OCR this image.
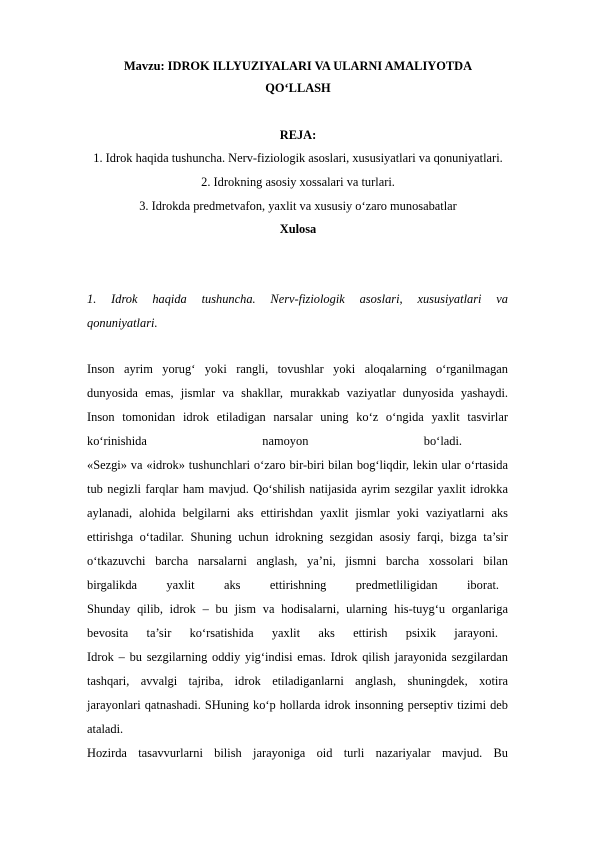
Mavzu: IDROK ILLYUZIYALARI VA ULARNI AMALIYOTDA
QO‘LLASH
REJA:
1. Idrok haqida tushuncha. Nerv-fiziologik asoslari, xususiyatlari va qonuniyatlari.
2. Idrokning asosiy xossalari va turlari.
3. Idrokda predmetvafon, yaxlit va xususiy o‘zaro munosabatlar
Xulosa
1. Idrok haqida tushuncha. Nerv-fiziologik asoslari, xususiyatlari va
qonuniyatlari.
Inson ayrim yorug‘ yoki rangli, tovushlar yoki aloqalarning o‘rganilmagan
dunyosida emas, jismlar va shakllar, murakkab vaziyatlar dunyosida yashaydi.
Inson tomonidan idrok etiladigan narsalar uning ko‘z o‘ngida yaxlit tasvirlar
ko‘rinishida namoyon bo‘ladi.
«Sezgi» va «idrok» tushunchlari o‘zaro bir-biri bilan bog‘liqdir, lekin ular o‘rtasida
tub negizli farqlar ham mavjud. Qo‘shilish natijasida ayrim sezgilar yaxlit idrokka
aylanadi, alohida belgilarni aks ettirishdan yaxlit jismlar yoki vaziyatlarni aks
ettirishga o‘tadilar. Shuning uchun idrokning sezgidan asosiy farqi, bizga ta’sir
o‘tkazuvchi barcha narsalarni anglash, ya’ni, jismni barcha xossolari bilan
birgalikda yaxlit aks ettirishning predmetliligidan iborat.
Shunday qilib, idrok – bu jism va hodisalarni, ularning his-tuyg‘u organlariga
bevosita ta’sir ko‘rsatishida yaxlit aks ettirish psixik jarayoni.
Idrok – bu sezgilarning oddiy yig‘indisi emas. Idrok qilish jarayonida sezgilardan
tashqari, avvalgi tajriba, idrok etiladiganlarni anglash, shuningdek, xotira
jarayonlari qatnashadi. SHuning ko‘p hollarda idrok insonning perseptiv tizimi deb
ataladi.
Hozirda tasavvurlarni bilish jarayoniga oid turli nazariyalar mavjud. Bu
